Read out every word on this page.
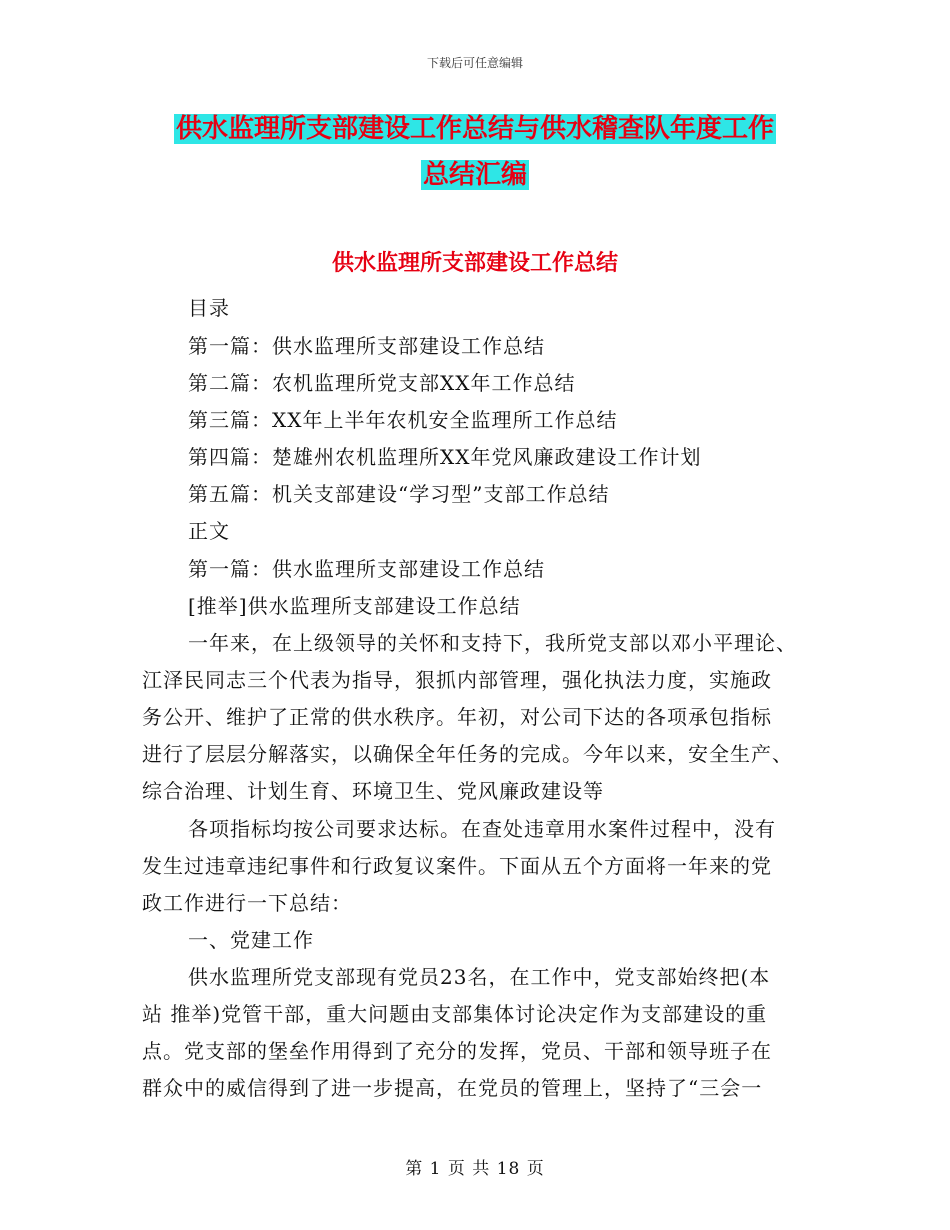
下载后可任意编辑
供水监理所支部建设工作总结与供水稽查队年度工作
总结汇编
供水监理所支部建设工作总结
目录
第一篇：供水监理所支部建设工作总结
第二篇：农机监理所党支部XX年工作总结
第三篇：XX年上半年农机安全监理所工作总结
第四篇：楚雄州农机监理所XX年党风廉政建设工作计划
第五篇：机关支部建设“学习型”支部工作总结
正文
第一篇：供水监理所支部建设工作总结
[推举]供水监理所支部建设工作总结
一年来，在上级领导的关怀和支持下，我所党支部以邓小平理论、
江泽民同志三个代表为指导，狠抓内部管理，强化执法力度，实施政
务公开、维护了正常的供水秩序。年初，对公司下达的各项承包指标
进行了层层分解落实，以确保全年任务的完成。今年以来，安全生产、
综合治理、计划生育、环境卫生、党风廉政建设等
各项指标均按公司要求达标。在查处违章用水案件过程中，没有
发生过违章违纪事件和行政复议案件。下面从五个方面将一年来的党
政工作进行一下总结：
一、党建工作
供水监理所党支部现有党员23名，在工作中，党支部始终把(本
站 推举)党管干部，重大问题由支部集体讨论决定作为支部建设的重
点。党支部的堡垒作用得到了充分的发挥，党员、干部和领导班子在
群众中的威信得到了进一步提高，在党员的管理上，坚持了“三会一
第 1 页 共 18 页
